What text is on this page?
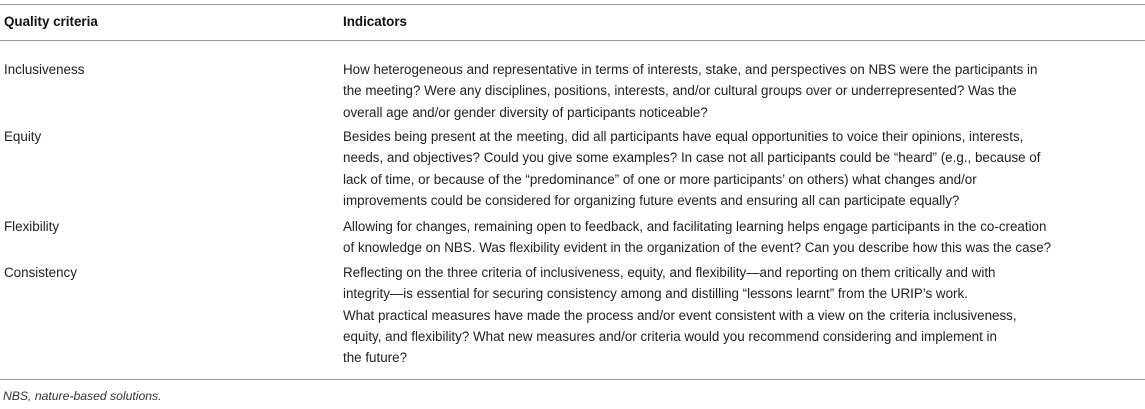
Quality criteria	Indicators
Inclusiveness	How heterogeneous and representative in terms of interests, stake, and perspectives on NBS were the participants in
the meeting? Were any disciplines, positions, interests, and/or cultural groups over or underrepresented? Was the
overall age and/or gender diversity of participants noticeable?
Equity	Besides being present at the meeting, did all participants have equal opportunities to voice their opinions, interests,
needs, and objectives? Could you give some examples? In case not all participants could be “heard” (e.g., because of
lack of time, or because of the “predominance” of one or more participants’ on others) what changes and/or
improvements could be considered for organizing future events and ensuring all can participate equally?
Flexibility	Allowing for changes, remaining open to feedback, and facilitating learning helps engage participants in the co-creation
of knowledge on NBS. Was flexibility evident in the organization of the event? Can you describe how this was the case?
Consistency	Reflecting on the three criteria of inclusiveness, equity, and flexibility—and reporting on them critically and with
integrity—is essential for securing consistency among and distilling “lessons learnt” from the URIP’s work.
What practical measures have made the process and/or event consistent with a view on the criteria inclusiveness,
equity, and flexibility? What new measures and/or criteria would you recommend considering and implement in
the future?
NBS, nature-based solutions.
